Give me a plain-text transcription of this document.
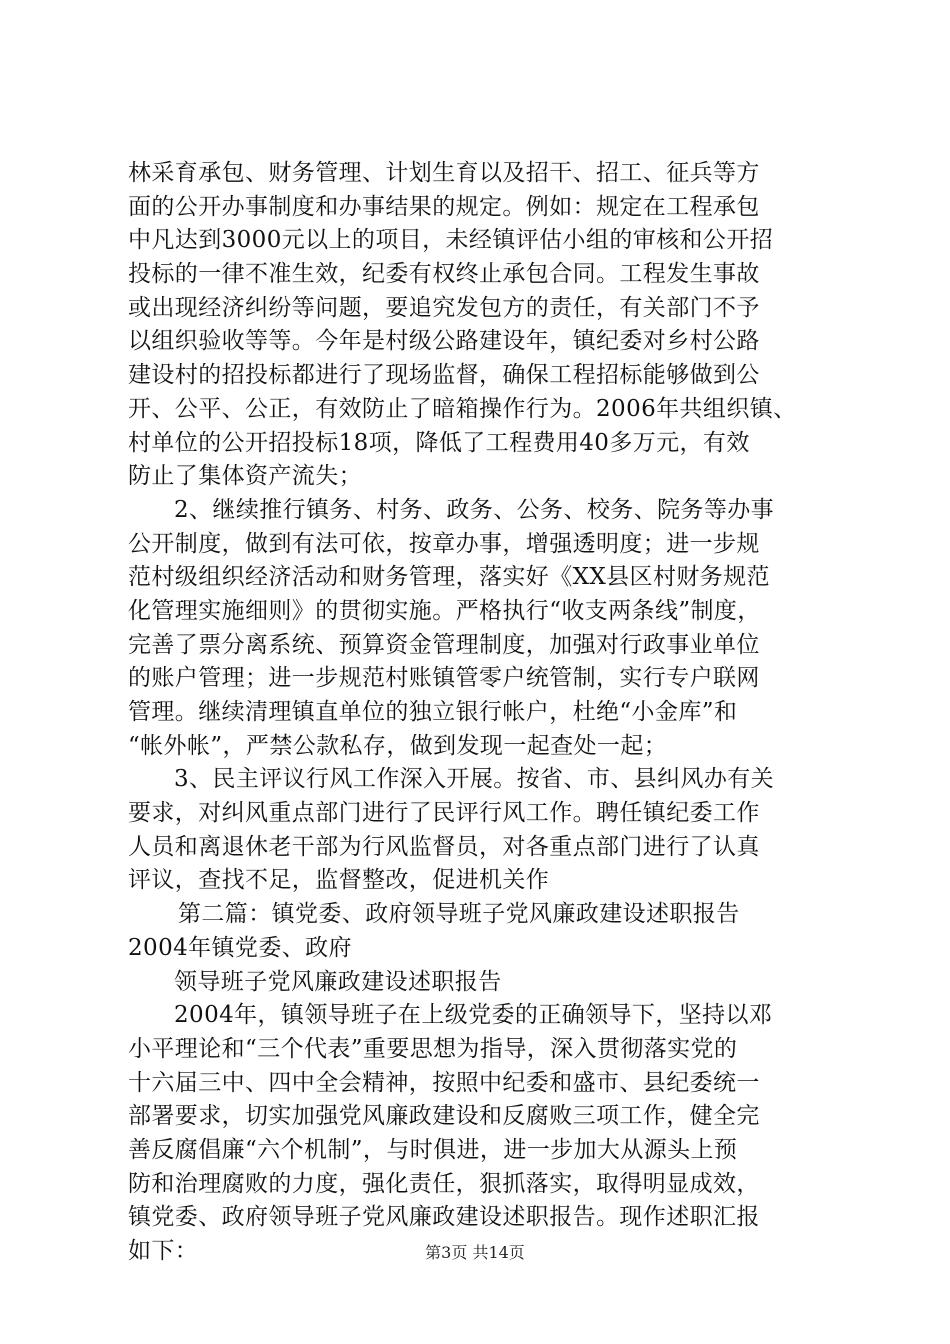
林采育承包、财务管理、计划生育以及招干、招工、征兵等方
面的公开办事制度和办事结果的规定。例如：规定在工程承包
中凡达到3000元以上的项目，未经镇评估小组的审核和公开招
投标的一律不准生效，纪委有权终止承包合同。工程发生事故
或出现经济纠纷等问题，要追究发包方的责任，有关部门不予
以组织验收等等。今年是村级公路建设年，镇纪委对乡村公路
建设村的招投标都进行了现场监督，确保工程招标能够做到公
开、公平、公正，有效防止了暗箱操作行为。2006年共组织镇、
村单位的公开招投标18项，降低了工程费用40多万元，有效
防止了集体资产流失；
2、继续推行镇务、村务、政务、公务、校务、院务等办事
公开制度，做到有法可依，按章办事，增强透明度；进一步规
范村级组织经济活动和财务管理，落实好《XX县区村财务规范
化管理实施细则》的贯彻实施。严格执行“收支两条线”制度，
完善了票分离系统、预算资金管理制度，加强对行政事业单位
的账户管理；进一步规范村账镇管零户统管制，实行专户联网
管理。继续清理镇直单位的独立银行帐户，杜绝“小金库”和
“帐外帐”，严禁公款私存，做到发现一起查处一起；
3、民主评议行风工作深入开展。按省、市、县纠风办有关
要求，对纠风重点部门进行了民评行风工作。聘任镇纪委工作
人员和离退休老干部为行风监督员，对各重点部门进行了认真
评议，查找不足，监督整改，促进机关作
第二篇：镇党委、政府领导班子党风廉政建设述职报告
2004年镇党委、政府
领导班子党风廉政建设述职报告
2004年，镇领导班子在上级党委的正确领导下，坚持以邓
小平理论和“三个代表”重要思想为指导，深入贯彻落实党的
十六届三中、四中全会精神，按照中纪委和盛市、县纪委统一
部署要求，切实加强党风廉政建设和反腐败三项工作，健全完
善反腐倡廉“六个机制”，与时俱进，进一步加大从源头上预
防和治理腐败的力度，强化责任，狠抓落实，取得明显成效，
镇党委、政府领导班子党风廉政建设述职报告。现作述职汇报
如下：	第3页 共14页
